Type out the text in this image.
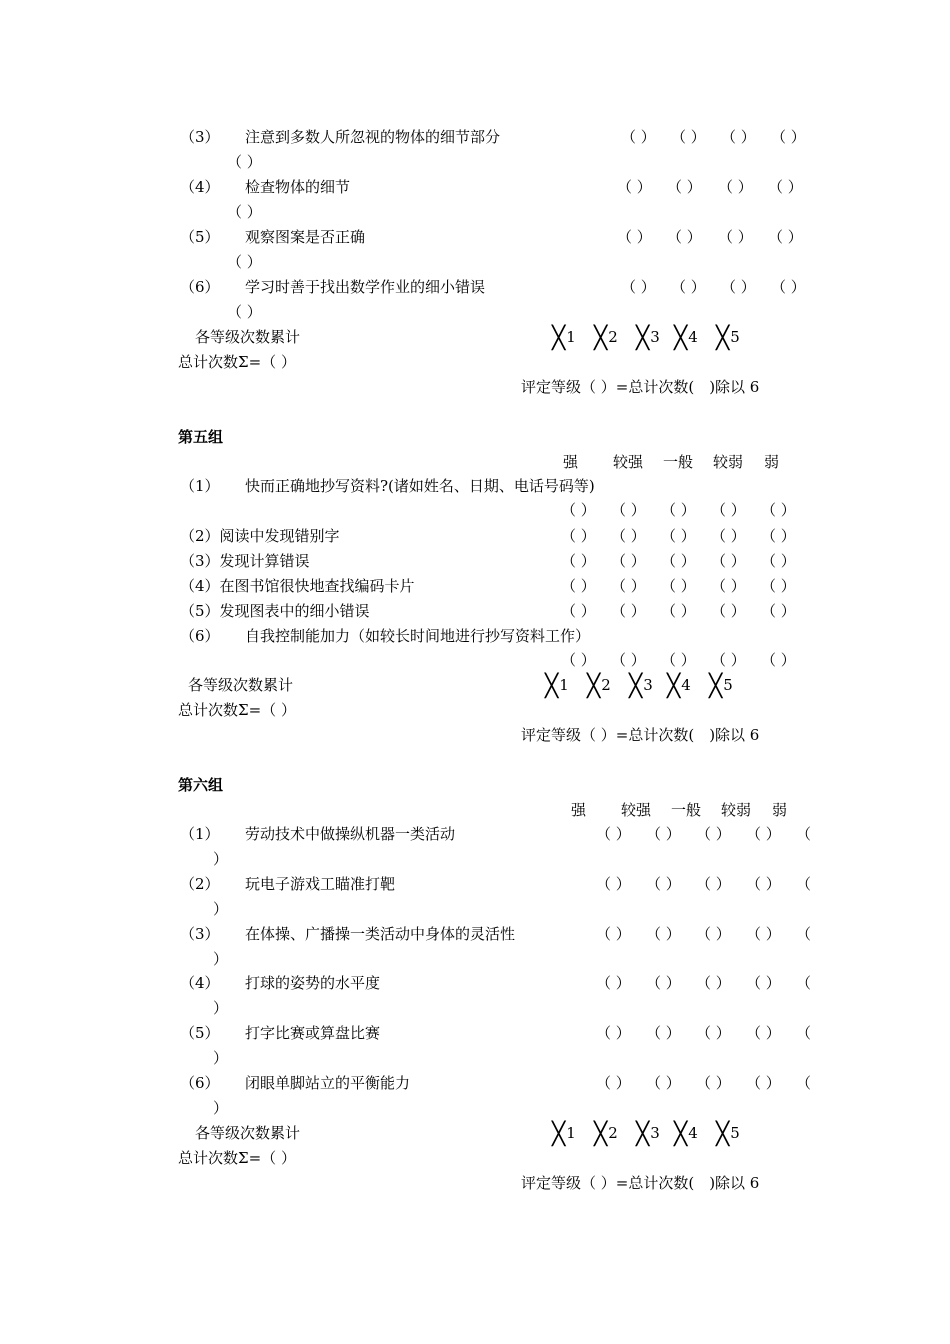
（3） 注意到多数人所忽视的物体的细节部分	（ ） （ ） （ ） （ ）
（ ）
（4） 检查物体的细节	（ ） （ ） （ ） （ ）
（ ）
（5） 观察图案是否正确	（ ） （ ） （ ） （ ）
（ ）
（6） 学习时善于找出数学作业的细小错误	（ ） （ ） （ ） （ ）
（ ）
各等级次数累计	╳1 ╳2 ╳3 ╳4 ╳5
总计次数Σ=（ ）
评定等级（ ）=总计次数(　)除以 6
第五组
强 较强 一般 较弱 弱
（1） 快而正确地抄写资料?(诸如姓名、日期、电话号码等)
（ ） （ ） （ ） （ ） （ ）
（2）阅读中发现错别字	（ ） （ ） （ ） （ ） （ ）
（3）发现计算错误	（ ） （ ） （ ） （ ） （ ）
（4）在图书馆很快地查找编码卡片	（ ） （ ） （ ） （ ） （ ）
（5）发现图表中的细小错误	（ ） （ ） （ ） （ ） （ ）
（6） 自我控制能加力（如较长时间地进行抄写资料工作）
（ ） （ ） （ ） （ ） （ ）
各等级次数累计	╳1 ╳2 ╳3 ╳4 ╳5
总计次数Σ=（ ）
评定等级（ ）=总计次数(　)除以 6
第六组
强 较强 一般 较弱 弱
（1） 劳动技术中做操纵机器一类活动	（ ） （ ） （ ） （ ） （
）
（2） 玩电子游戏工瞄准打靶	（ ） （ ） （ ） （ ） （
）
（3） 在体操、广播操一类活动中身体的灵活性	（ ） （ ） （ ） （ ） （
）
（4） 打球的姿势的水平度	（ ） （ ） （ ） （ ） （
）
（5） 打字比赛或算盘比赛	（ ） （ ） （ ） （ ） （
）
（6） 闭眼单脚站立的平衡能力	（ ） （ ） （ ） （ ） （
）
各等级次数累计	╳1 ╳2 ╳3 ╳4 ╳5
总计次数Σ=（ ）
评定等级（ ）=总计次数(　)除以 6
